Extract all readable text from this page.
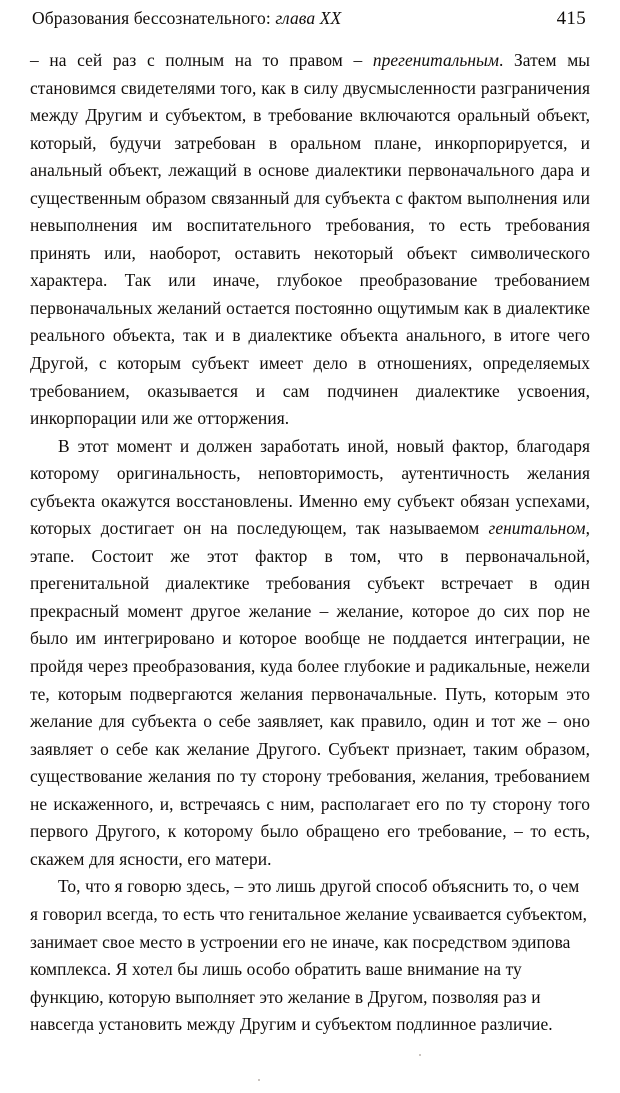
Образования бессознательного: глава XX	415

– на сей раз с полным на то правом – прегенитальным. Затем мы становимся свидетелями того, как в силу двусмысленности разграничения между Другим и субъектом, в требование включаются оральный объект, который, будучи затребован в оральном плане, инкорпорируется, и анальный объект, лежащий в основе диалектики первоначального дара и существенным образом связанный для субъекта с фактом выполнения или невыполнения им воспитательного требования, то есть требования принять или, наоборот, оставить некоторый объект символического характера. Так или иначе, глубокое преобразование требованием первоначальных желаний остается постоянно ощутимым как в диалектике реального объекта, так и в диалектике объекта анального, в итоге чего Другой, с которым субъект имеет дело в отношениях, определяемых требованием, оказывается и сам подчинен диалектике усвоения, инкорпорации или же отторжения.

В этот момент и должен заработать иной, новый фактор, благодаря которому оригинальность, неповторимость, аутентичность желания субъекта окажутся восстановлены. Именно ему субъект обязан успехами, которых достигает он на последующем, так называемом генитальном, этапе. Состоит же этот фактор в том, что в первоначальной, прегенитальной диалектике требования субъект встречает в один прекрасный момент другое желание – желание, которое до сих пор не было им интегрировано и которое вообще не поддается интеграции, не пройдя через преобразования, куда более глубокие и радикальные, нежели те, которым подвергаются желания первоначальные. Путь, которым это желание для субъекта о себе заявляет, как правило, один и тот же – оно заявляет о себе как желание Другого. Субъект признает, таким образом, существование желания по ту сторону требования, желания, требованием не искаженного, и, встречаясь с ним, располагает его по ту сторону того первого Другого, к которому было обращено его требование, – то есть, скажем для ясности, его матери.

То, что я говорю здесь, – это лишь другой способ объяснить то, о чем я говорил всегда, то есть что генитальное желание усваивается субъектом, занимает свое место в устроении его не иначе, как посредством эдипова комплекса. Я хотел бы лишь особо обратить ваше внимание на ту функцию, которую выполняет это желание в Другом, позволяя раз и навсегда установить между Другим и субъектом подлинное различие.
